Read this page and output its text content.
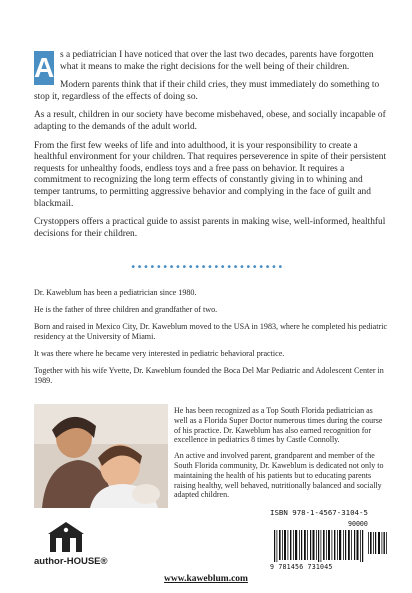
A s a pediatrician I have noticed that over the last two decades, parents have forgotten what it means to make the right decisions for the well being of their children.

Modern parents think that if their child cries, they must immediately do something to stop it, regardless of the effects of doing so.

As a result, children in our society have become misbehaved, obese, and socially incapable of adapting to the demands of the adult world.

From the first few weeks of life and into adulthood, it is your responsibility to create a healthful environment for your children. That requires perseverence in spite of their persistent requests for unhealthy foods, endless toys and a free pass on behavior. It requires a commitment to recognizing the long term effects of constantly giving in to whining and temper tantrums, to permitting aggressive behavior and complying in the face of guilt and blackmail.

Crystoppers offers a practical guide to assist parents in making wise, well-informed, healthful decisions for their children.

••••••••••••••••••••••••

Dr. Kaweblum has been a pediatrician since 1980.

He is the father of three children and grandfather of two.

Born and raised in Mexico City, Dr. Kaweblum moved to the USA in 1983, where he completed his pediatric residency at the University of Miami.

It was there where he became very interested in pediatric behavioral practice.

Together with his wife Yvette, Dr. Kaweblum founded the Boca Del Mar Pediatric and Adolescent Center in 1989.

He has been recognized as a Top South Florida pediatrician as well as a Florida Super Doctor numerous times during the course of his practice. Dr. Kaweblum has also earned recognition for excellence in pediatrics 8 times by Castle Connolly.

An active and involved parent, grandparent and member of the South Florida community, Dr. Kaweblum is dedicated not only to maintaining the health of his patients but to educating parents raising healthy, well behaved, nutritionally balanced and socially adapted children.

author-HOUSE®
ISBN 978-1-4567-3104-5
90000
9 781456 731045
www.kaweblum.com
